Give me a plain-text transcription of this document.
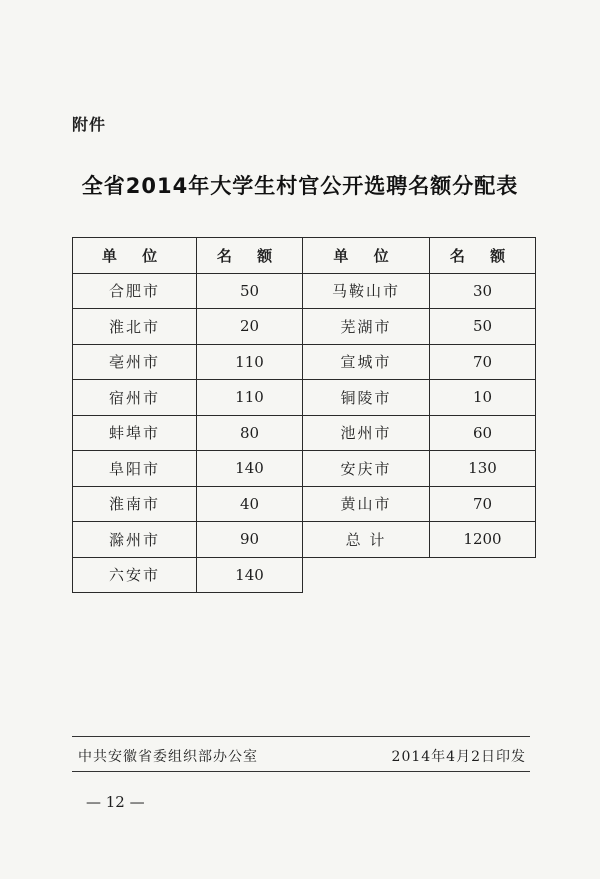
附件
全省2014年大学生村官公开选聘名额分配表
单 位	名 额	单 位	名 额
合肥市	50	马鞍山市	30
淮北市	20	芜湖市	50
亳州市	110	宣城市	70
宿州市	110	铜陵市	10
蚌埠市	80	池州市	60
阜阳市	140	安庆市	130
淮南市	40	黄山市	70
滁州市	90	总 计	1200
六安市	140		
中共安徽省委组织部办公室	2014年4月2日印发
— 12 —
